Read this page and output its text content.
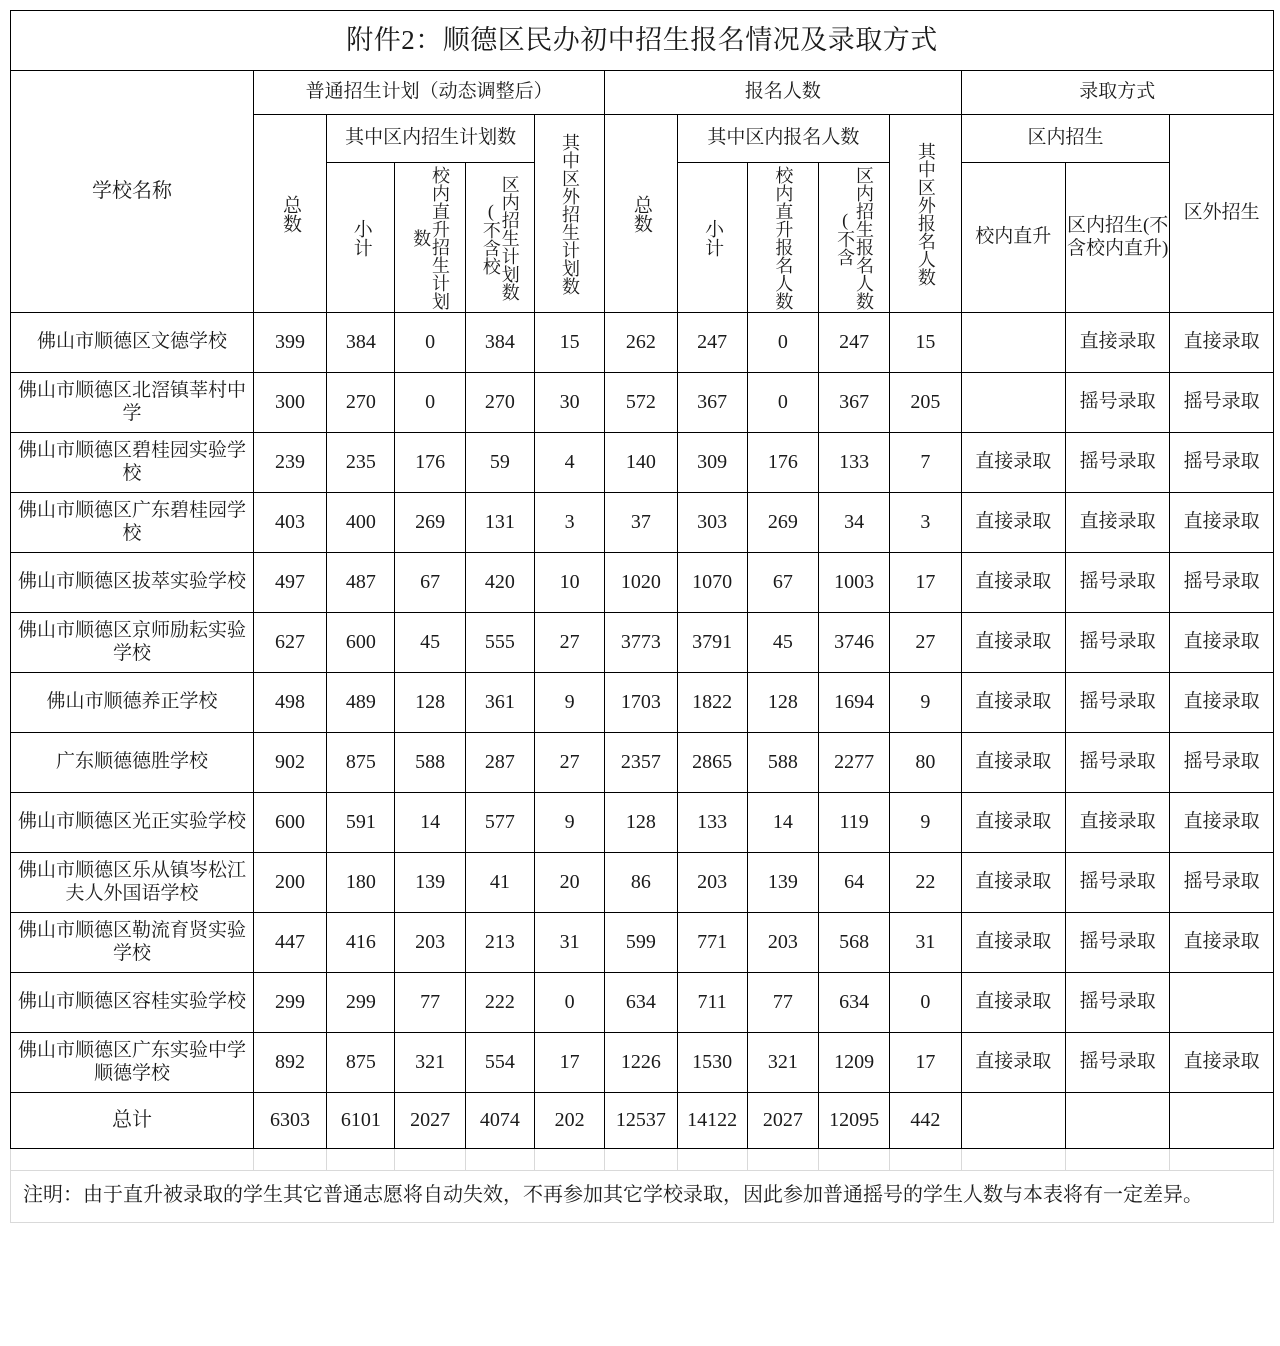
附件2：顺德区民办初中招生报名情况及录取方式													
学校名称	普通招生计划（动态调整后）					报名人数					录取方式		

	总数	其中区内招生计划数			其中区外招生计划数	总数	其中区内报名人数			其中区外报名人数	区内招生		区外招生

		小计	校内直升招生计划数	区内招生计划数(不含校			小计	校内直升报名人数	区内招生报名人数(不含		校内直升	区内招生(不含校内直升)	
佛山市顺德区文德学校	399	384	0	384	15	262	247	0	247	15		直接录取	直接录取
佛山市顺德区北滘镇莘村中学	300	270	0	270	30	572	367	0	367	205		摇号录取	摇号录取
佛山市顺德区碧桂园实验学校	239	235	176	59	4	140	309	176	133	7	直接录取	摇号录取	摇号录取
佛山市顺德区广东碧桂园学校	403	400	269	131	3	37	303	269	34	3	直接录取	直接录取	直接录取
佛山市顺德区拔萃实验学校	497	487	67	420	10	1020	1070	67	1003	17	直接录取	摇号录取	摇号录取
佛山市顺德区京师励耘实验学校	627	600	45	555	27	3773	3791	45	3746	27	直接录取	摇号录取	直接录取
佛山市顺德养正学校	498	489	128	361	9	1703	1822	128	1694	9	直接录取	摇号录取	直接录取
广东顺德德胜学校	902	875	588	287	27	2357	2865	588	2277	80	直接录取	摇号录取	摇号录取
佛山市顺德区光正实验学校	600	591	14	577	9	128	133	14	119	9	直接录取	直接录取	直接录取
佛山市顺德区乐从镇岑松江夫人外国语学校	200	180	139	41	20	86	203	139	64	22	直接录取	摇号录取	摇号录取
佛山市顺德区勒流育贤实验学校	447	416	203	213	31	599	771	203	568	31	直接录取	摇号录取	直接录取
佛山市顺德区容桂实验学校	299	299	77	222	0	634	711	77	634	0	直接录取	摇号录取	
佛山市顺德区广东实验中学顺德学校	892	875	321	554	17	1226	1530	321	1209	17	直接录取	摇号录取	直接录取
总计	6303	6101	2027	4074	202	12537	14122	2027	12095	442			

注明：由于直升被录取的学生其它普通志愿将自动失效，不再参加其它学校录取，因此参加普通摇号的学生人数与本表将有一定差异。
